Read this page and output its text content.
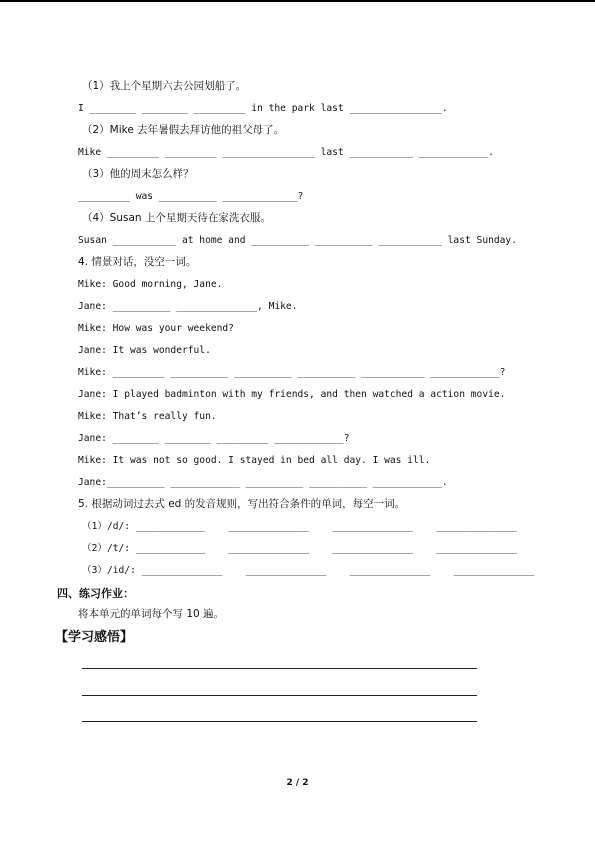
（1）我上个星期六去公园划船了。
I ________ ________ _________ in the park last ________________.
（2）Mike 去年暑假去拜访他的祖父母了。
Mike _________ _________ ________________ last ___________ ____________.
（3）他的周末怎么样？
_________ was __________ _____________?
（4）Susan 上个星期天待在家洗衣服。
Susan ___________ at home and __________ __________ ___________ last Sunday.
4. 情景对话，没空一词。
Mike: Good morning, Jane.
Jane: __________ ______________, Mike.
Mike: How was your weekend?
Jane: It was wonderful.
Mike: _________ __________ __________ __________ ___________ ____________?
Jane: I played badminton with my friends, and then watched a action movie.
Mike: That’s really fun.
Jane: ________ ________ _________ ____________?
Mike: It was not so good. I stayed in bed all day. I was ill.
Jane:__________ ____________ __________ __________ ____________.
5. 根据动词过去式 ed 的发音规则，写出符合条件的单词，每空一词。
（1）/d/: ____________    ______________    ______________    ______________
（2）/t/: ____________    ______________    ______________    ______________
（3）/id/: ______________    ______________    ______________    ______________
四、练习作业：
将本单元的单词每个写 10 遍。
【学习感悟】
2 / 2
